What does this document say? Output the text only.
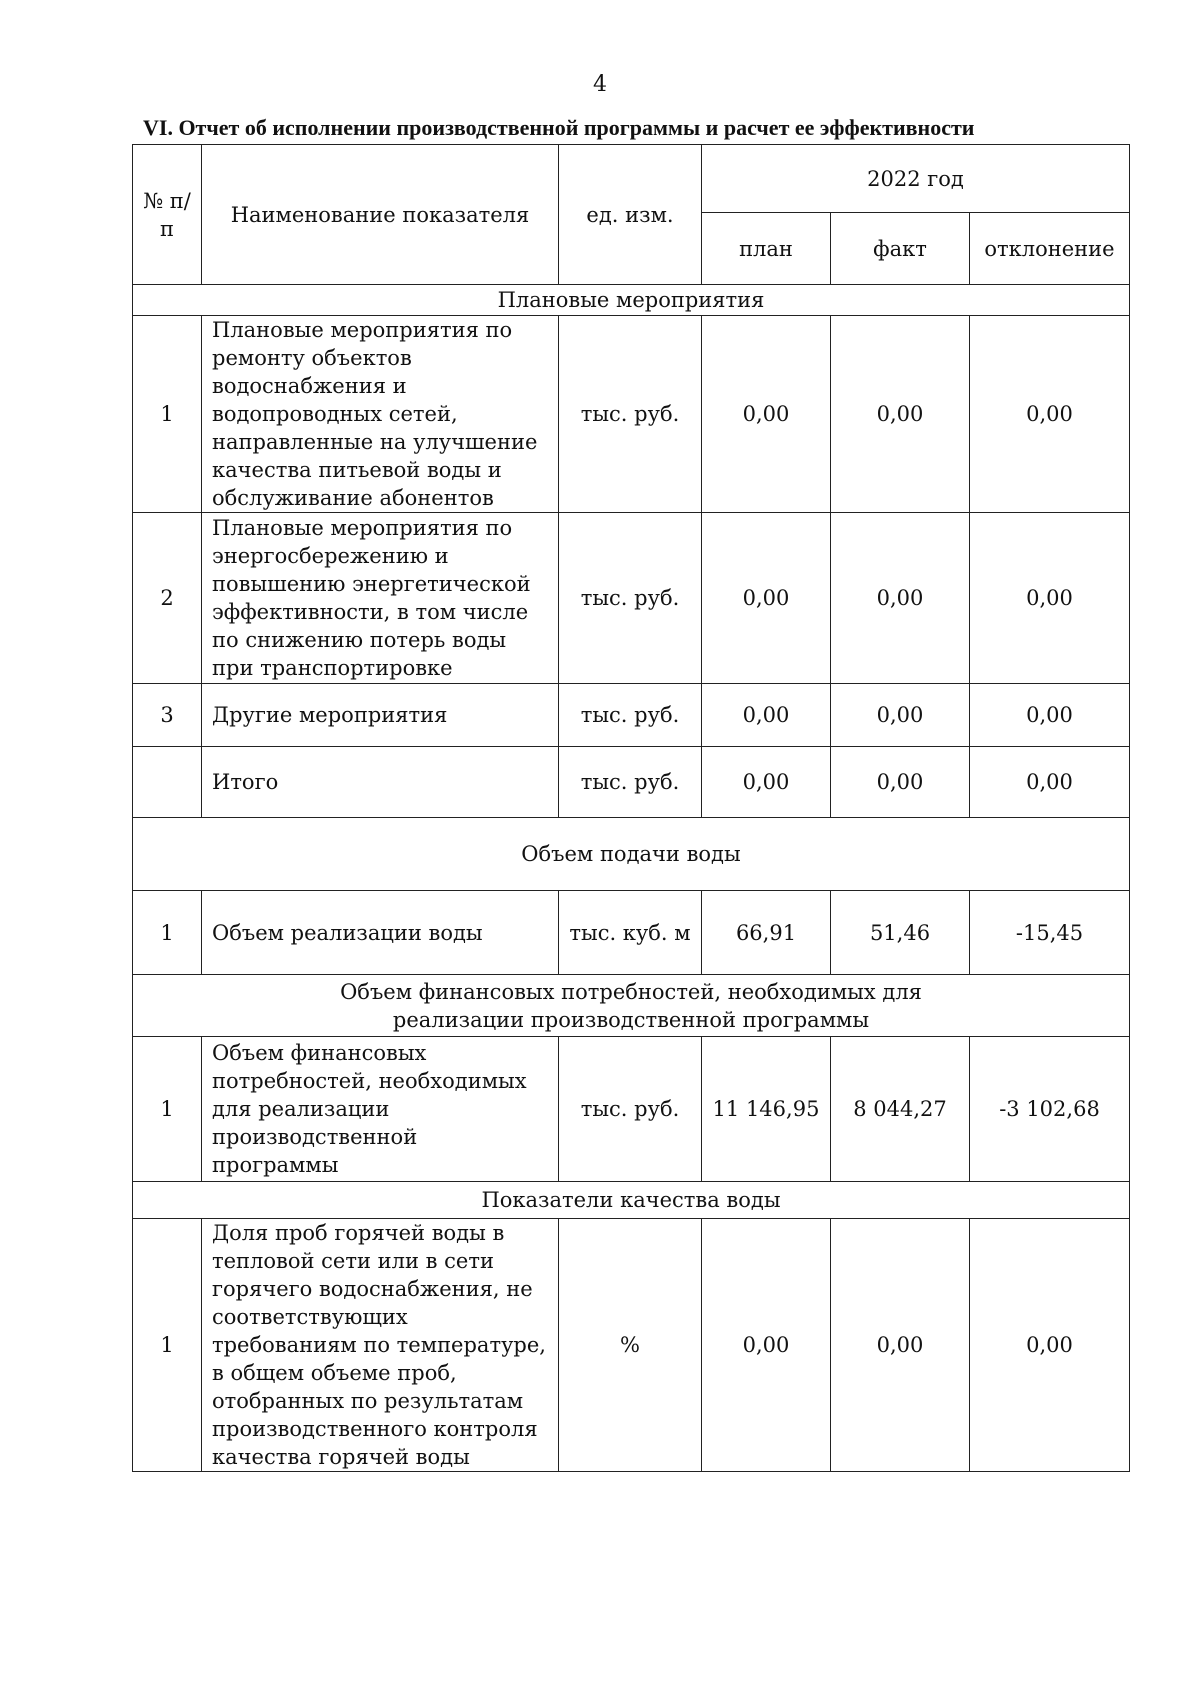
4
VI. Отчет об исполнении производственной программы и расчет ее эффективности
№ п/п	Наименование показателя	ед. изм.	2022 год		
			план	факт	отклонение
Плановые мероприятия					
1	Плановые мероприятия по ремонту объектов водоснабжения и водопроводных сетей, направленные на улучшение качества питьевой воды и обслуживание абонентов	тыс. руб.	0,00	0,00	0,00
2	Плановые мероприятия по энергосбережению и повышению энергетической эффективности, в том числе по снижению потерь воды при транспортировке	тыс. руб.	0,00	0,00	0,00
3	Другие мероприятия	тыс. руб.	0,00	0,00	0,00
	Итого	тыс. руб.	0,00	0,00	0,00
Объем подачи воды					
1	Объем реализации воды	тыс. куб. м	66,91	51,46	-15,45
Объем финансовых потребностей, необходимых для реализации производственной программы					
1	Объем финансовых потребностей, необходимых для реализации производственной программы	тыс. руб.	11 146,95	8 044,27	-3 102,68
Показатели качества воды					
1	Доля проб горячей воды в тепловой сети или в сети горячего водоснабжения, не соответствующих требованиям по температуре, в общем объеме проб, отобранных по результатам производственного контроля качества горячей воды	%	0,00	0,00	0,00
